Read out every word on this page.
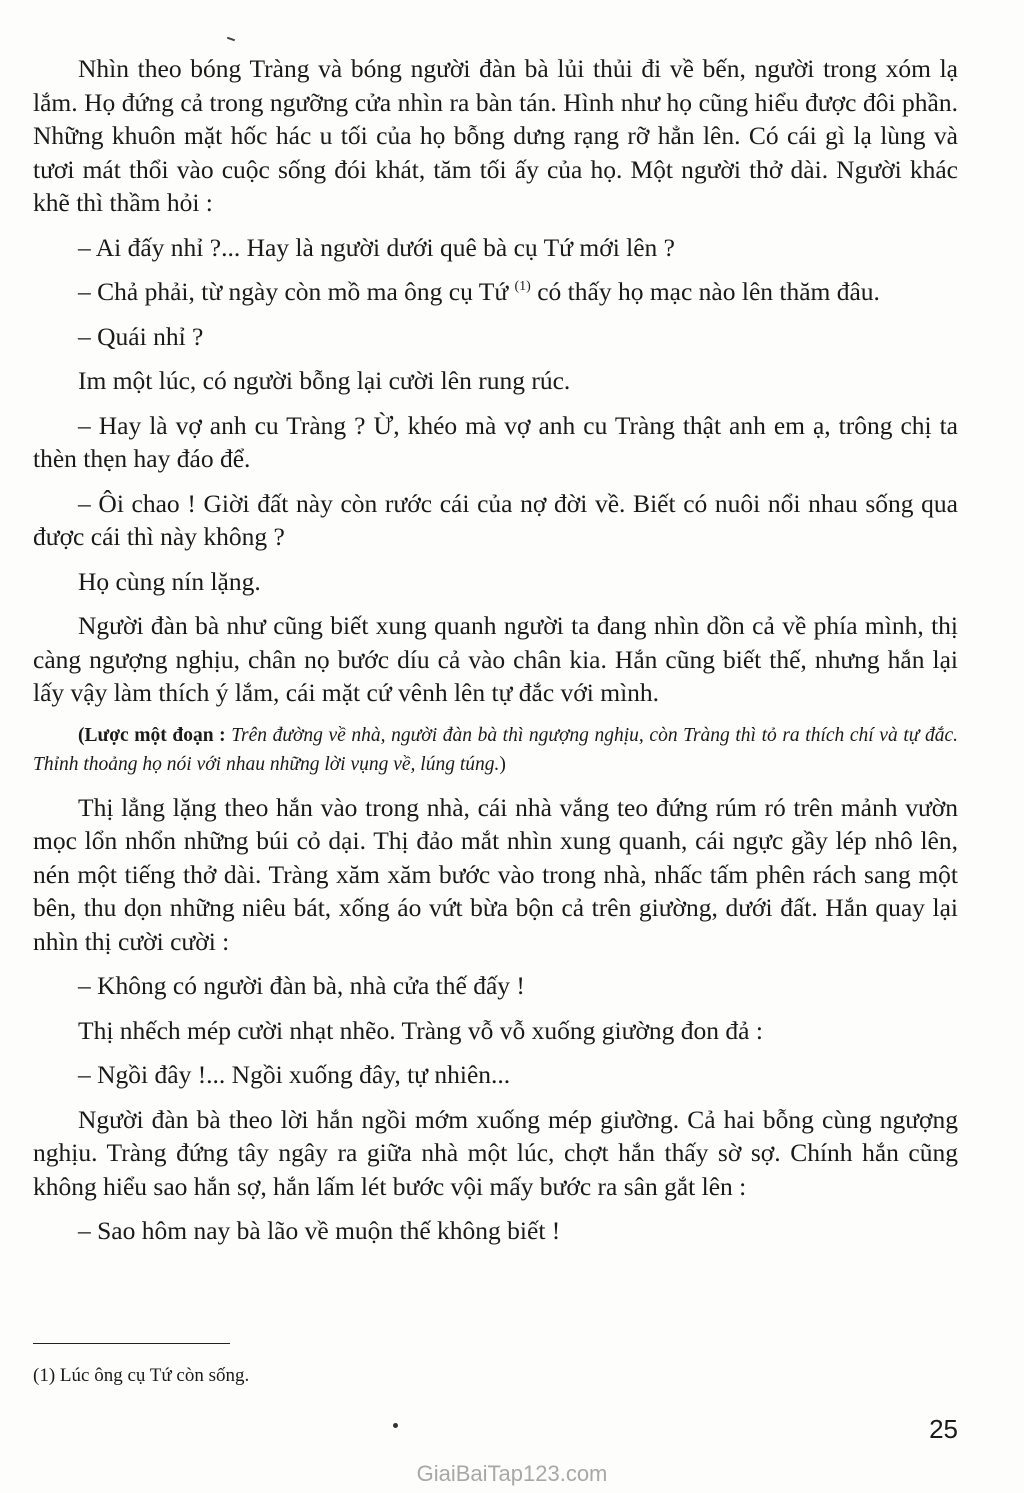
Nhìn theo bóng Tràng và bóng người đàn bà lủi thủi đi về bến, người trong xóm lạ lắm. Họ đứng cả trong ngưỡng cửa nhìn ra bàn tán. Hình như họ cũng hiểu được đôi phần. Những khuôn mặt hốc hác u tối của họ bỗng dưng rạng rỡ hẳn lên. Có cái gì lạ lùng và tươi mát thổi vào cuộc sống đói khát, tăm tối ấy của họ. Một người thở dài. Người khác khẽ thì thầm hỏi :

– Ai đấy nhỉ ?... Hay là người dưới quê bà cụ Tứ mới lên ?

– Chả phải, từ ngày còn mồ ma ông cụ Tứ $^{(1)}$ có thấy họ mạc nào lên thăm đâu.

– Quái nhỉ ?

Im một lúc, có người bỗng lại cười lên rung rúc.

– Hay là vợ anh cu Tràng ? Ừ, khéo mà vợ anh cu Tràng thật anh em ạ, trông chị ta thèn thẹn hay đáo để.

– Ôi chao ! Giời đất này còn rước cái của nợ đời về. Biết có nuôi nổi nhau sống qua được cái thì này không ?

Họ cùng nín lặng.

Người đàn bà như cũng biết xung quanh người ta đang nhìn dồn cả về phía mình, thị càng ngượng nghịu, chân nọ bước díu cả vào chân kia. Hắn cũng biết thế, nhưng hắn lại lấy vậy làm thích ý lắm, cái mặt cứ vênh lên tự đắc với mình.

(Lược một đoạn : Trên đường về nhà, người đàn bà thì ngượng nghịu, còn Tràng thì tỏ ra thích chí và tự đắc. Thỉnh thoảng họ nói với nhau những lời vụng về, lúng túng.)

Thị lẳng lặng theo hắn vào trong nhà, cái nhà vắng teo đứng rúm ró trên mảnh vườn mọc lổn nhổn những búi cỏ dại. Thị đảo mắt nhìn xung quanh, cái ngực gầy lép nhô lên, nén một tiếng thở dài. Tràng xăm xăm bước vào trong nhà, nhấc tấm phên rách sang một bên, thu dọn những niêu bát, xống áo vứt bừa bộn cả trên giường, dưới đất. Hắn quay lại nhìn thị cười cười :

– Không có người đàn bà, nhà cửa thế đấy !

Thị nhếch mép cười nhạt nhẽo. Tràng vỗ vỗ xuống giường đon đả :

– Ngồi đây !... Ngồi xuống đây, tự nhiên...

Người đàn bà theo lời hắn ngồi mớm xuống mép giường. Cả hai bỗng cùng ngượng nghịu. Tràng đứng tây ngây ra giữa nhà một lúc, chợt hắn thấy sờ sợ. Chính hắn cũng không hiểu sao hắn sợ, hắn lấm lét bước vội mấy bước ra sân gắt lên :

– Sao hôm nay bà lão về muộn thế không biết !

(1) Lúc ông cụ Tứ còn sống.
25
GiaiBaiTap123.com
